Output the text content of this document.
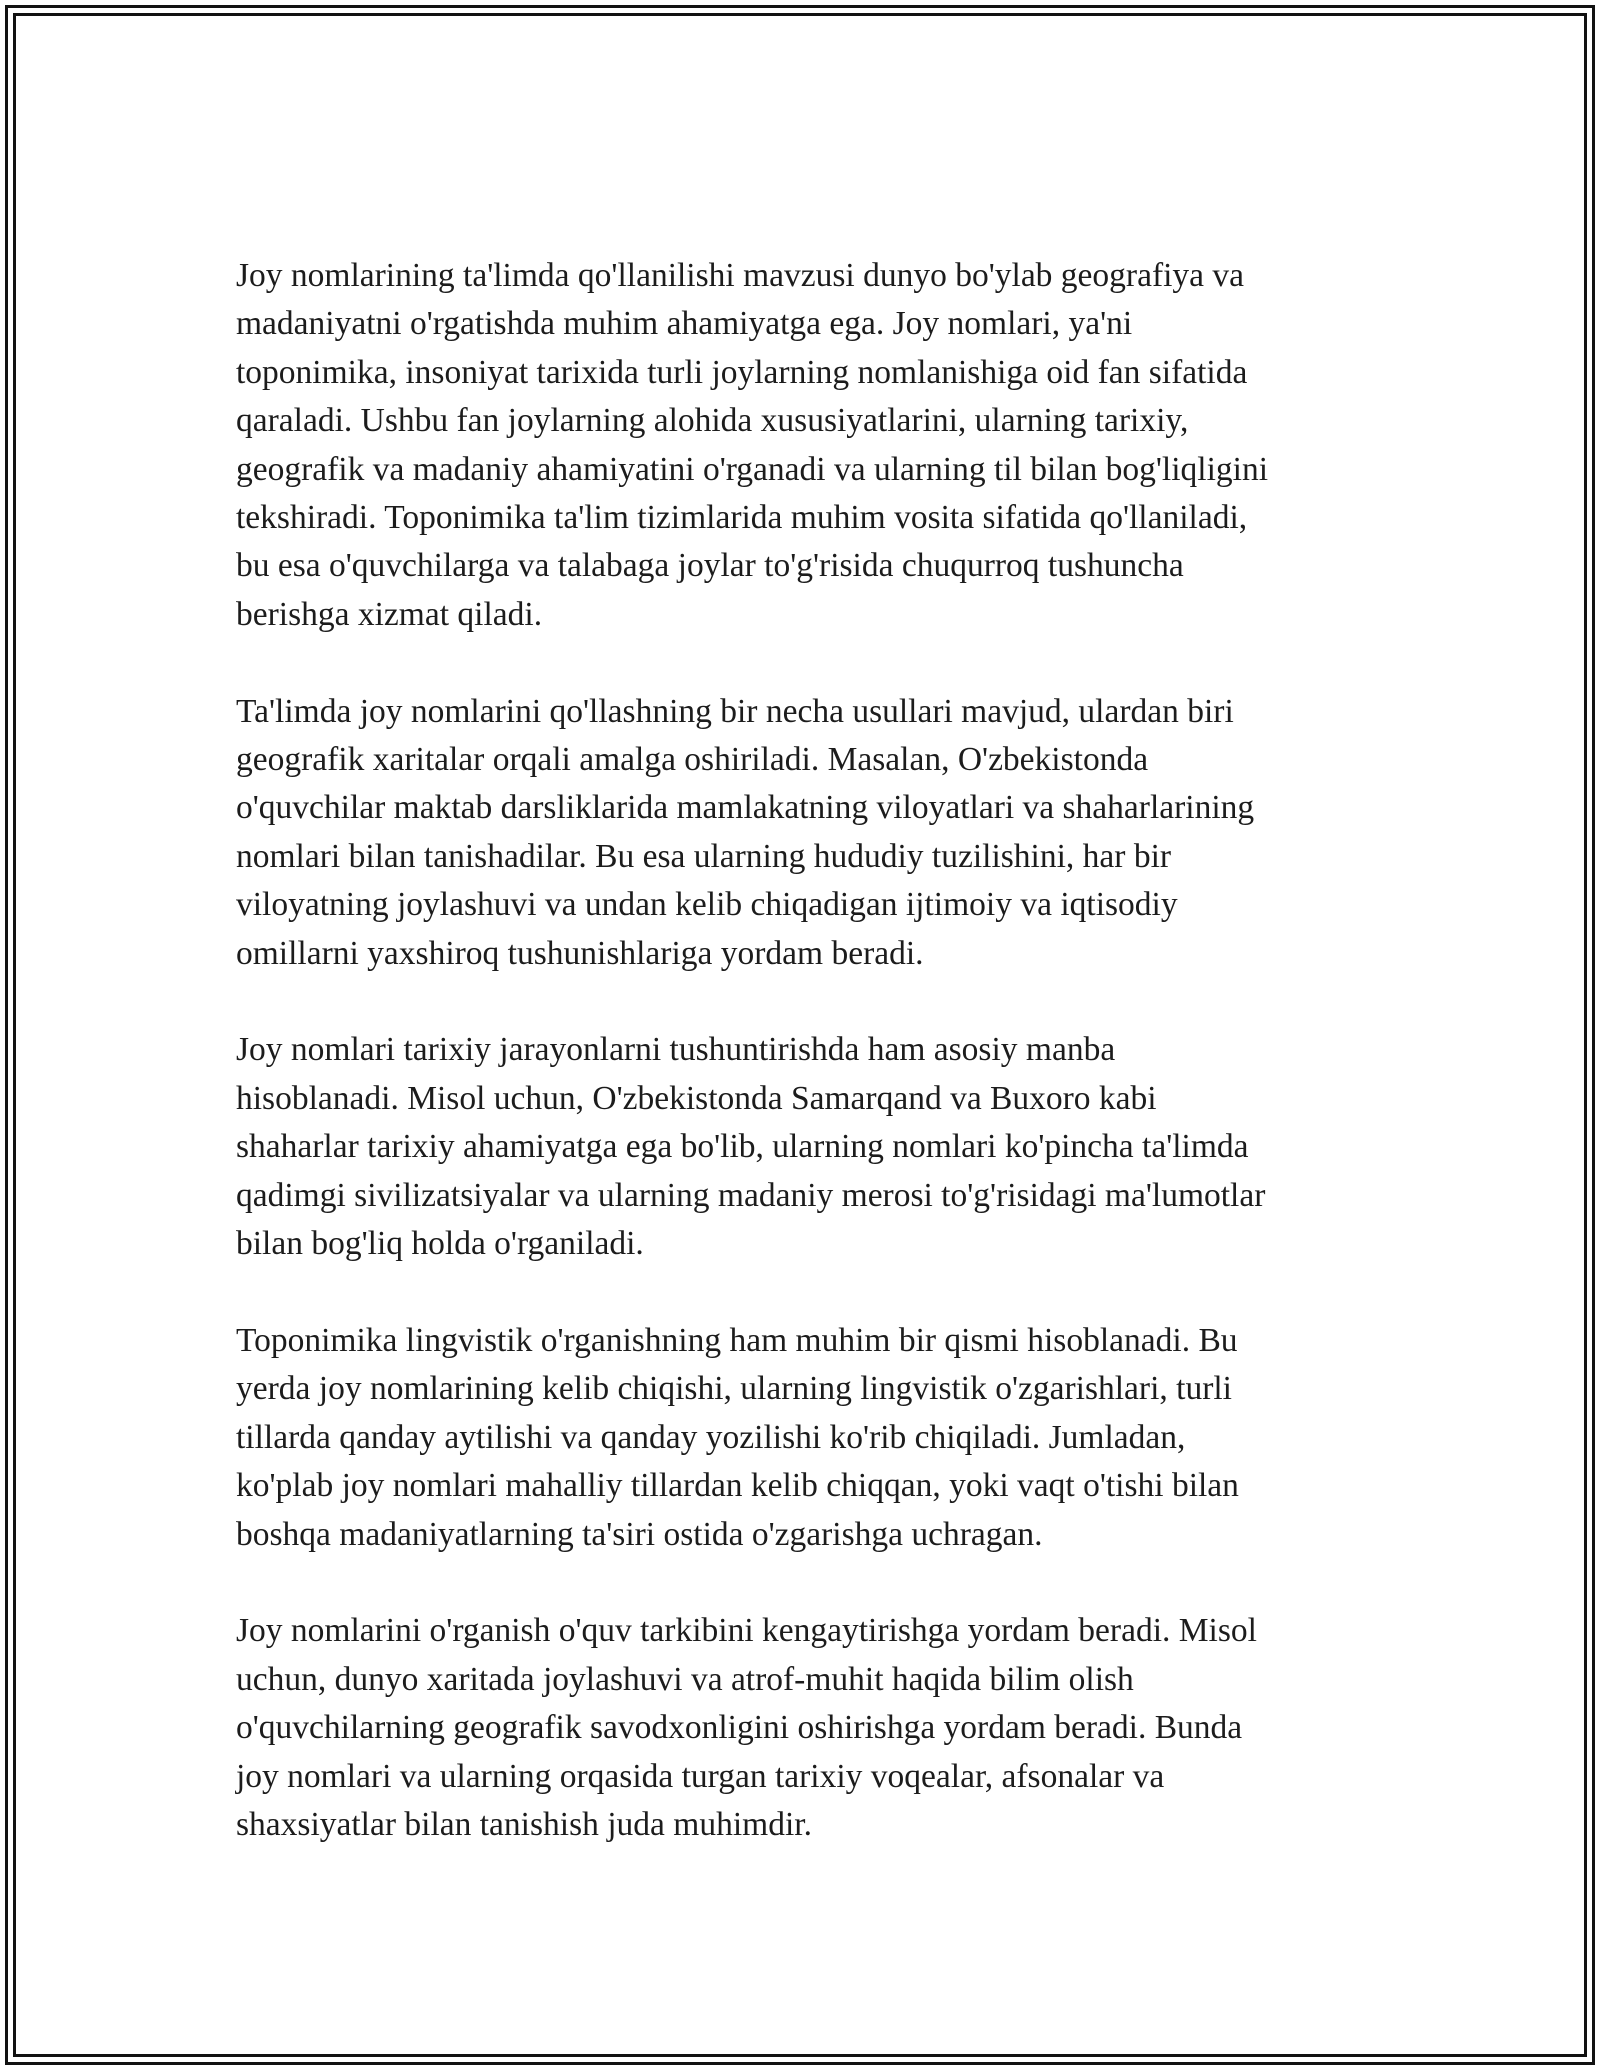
Joy nomlarining ta'limda qo'llanilishi mavzusi dunyo bo'ylab geografiya va
madaniyatni o'rgatishda muhim ahamiyatga ega. Joy nomlari, ya'ni
toponimika, insoniyat tarixida turli joylarning nomlanishiga oid fan sifatida
qaraladi. Ushbu fan joylarning alohida xususiyatlarini, ularning tarixiy,
geografik va madaniy ahamiyatini o'rganadi va ularning til bilan bog'liqligini
tekshiradi. Toponimika ta'lim tizimlarida muhim vosita sifatida qo'llaniladi,
bu esa o'quvchilarga va talabaga joylar to'g'risida chuqurroq tushuncha
berishga xizmat qiladi.

Ta'limda joy nomlarini qo'llashning bir necha usullari mavjud, ulardan biri
geografik xaritalar orqali amalga oshiriladi. Masalan, O'zbekistonda
o'quvchilar maktab darsliklarida mamlakatning viloyatlari va shaharlarining
nomlari bilan tanishadilar. Bu esa ularning hududiy tuzilishini, har bir
viloyatning joylashuvi va undan kelib chiqadigan ijtimoiy va iqtisodiy
omillarni yaxshiroq tushunishlariga yordam beradi.

Joy nomlari tarixiy jarayonlarni tushuntirishda ham asosiy manba
hisoblanadi. Misol uchun, O'zbekistonda Samarqand va Buxoro kabi
shaharlar tarixiy ahamiyatga ega bo'lib, ularning nomlari ko'pincha ta'limda
qadimgi sivilizatsiyalar va ularning madaniy merosi to'g'risidagi ma'lumotlar
bilan bog'liq holda o'rganiladi.

Toponimika lingvistik o'rganishning ham muhim bir qismi hisoblanadi. Bu
yerda joy nomlarining kelib chiqishi, ularning lingvistik o'zgarishlari, turli
tillarda qanday aytilishi va qanday yozilishi ko'rib chiqiladi. Jumladan,
ko'plab joy nomlari mahalliy tillardan kelib chiqqan, yoki vaqt o'tishi bilan
boshqa madaniyatlarning ta'siri ostida o'zgarishga uchragan.

Joy nomlarini o'rganish o'quv tarkibini kengaytirishga yordam beradi. Misol
uchun, dunyo xaritada joylashuvi va atrof-muhit haqida bilim olish
o'quvchilarning geografik savodxonligini oshirishga yordam beradi. Bunda
joy nomlari va ularning orqasida turgan tarixiy voqealar, afsonalar va
shaxsiyatlar bilan tanishish juda muhimdir.
